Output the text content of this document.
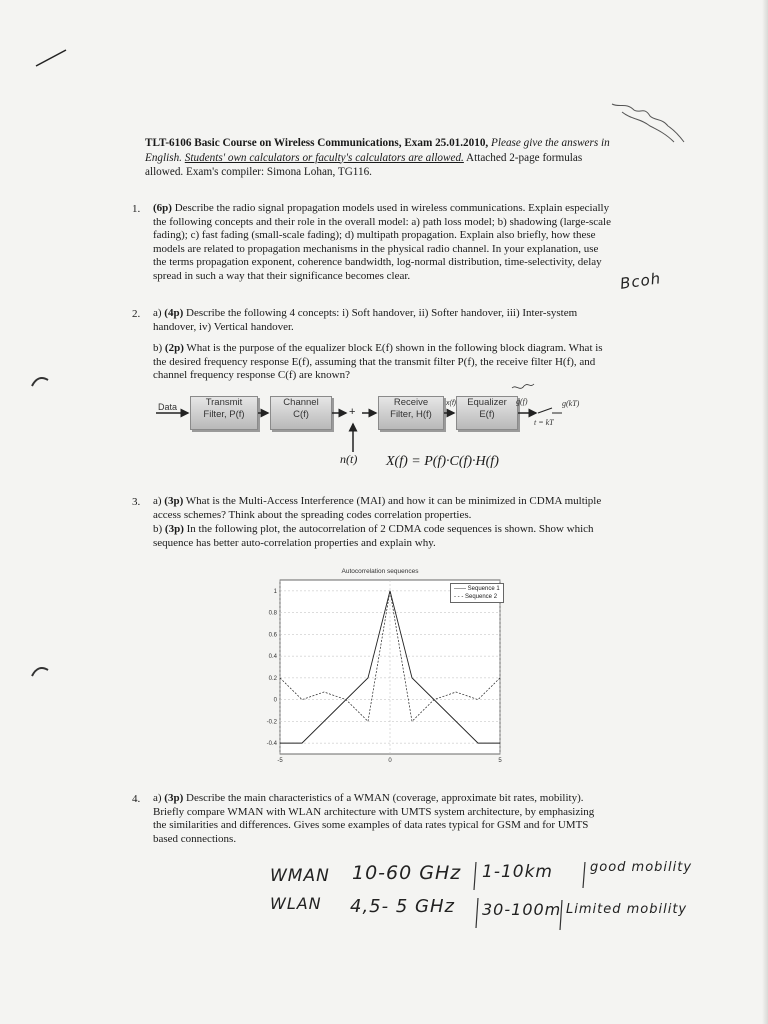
TLT-6106 Basic Course on Wireless Communications, Exam 25.01.2010, Please give the answers in English. Students' own calculators or faculty's calculators are allowed. Attached 2-page formulas allowed. Exam's compiler: Simona Lohan, TG116.
1. (6p) Describe the radio signal propagation models used in wireless communications. Explain especially the following concepts and their role in the overall model: a) path loss model; b) shadowing (large-scale fading); c) fast fading (small-scale fading); d) multipath propagation. Explain also briefly, how these models are related to propagation mechanisms in the physical radio channel. In your explanation, use the terms propagation exponent, coherence bandwidth, log-normal distribution, time-selectivity, delay spread in such a way that their significance becomes clear.	Bcoh
2. a) (4p) Describe the following 4 concepts: i) Soft handover, ii) Softer handover, iii) Inter-system handover, iv) Vertical handover.
b) (2p) What is the purpose of the equalizer block E(f) shown in the following block diagram. What is the desired frequency response E(f), assuming that the transmit filter P(f), the receive filter H(f), and channel frequency response C(f) are known?
Data	Transmit
Filter, P(f)
Channel
C(f)
Receive
Filter, H(f)
Equalizer
E(f)
+
x(f)	g(f)	g(kT)
t = kT
n(t) X(f) = P(f)·C(f)·H(f)
3. a) (3p) What is the Multi-Access Interference (MAI) and how it can be minimized in CDMA multiple access schemes? Think about the spreading codes correlation properties.
b) (3p) In the following plot, the autocorrelation of 2 CDMA code sequences is shown. Show which sequence has better auto-correlation properties and explain why.
Autocorrelation sequences
1
0.8
0.6
0.4
0.2
0
-0.2
-0.4
-5	0	5
—— Sequence 1
- - - Sequence 2
4. a) (3p) Describe the main characteristics of a WMAN (coverage, approximate bit rates, mobility). Briefly compare WMAN with WLAN architecture with UMTS system architecture, by emphasizing the similarities and differences. Gives some examples of data rates typical for GSM and for UMTS based connections.
WMAN 10-60 GHz 1-10km	good mobility
WLAN 4,5- 5 GHz 30-100m Limited mobility
